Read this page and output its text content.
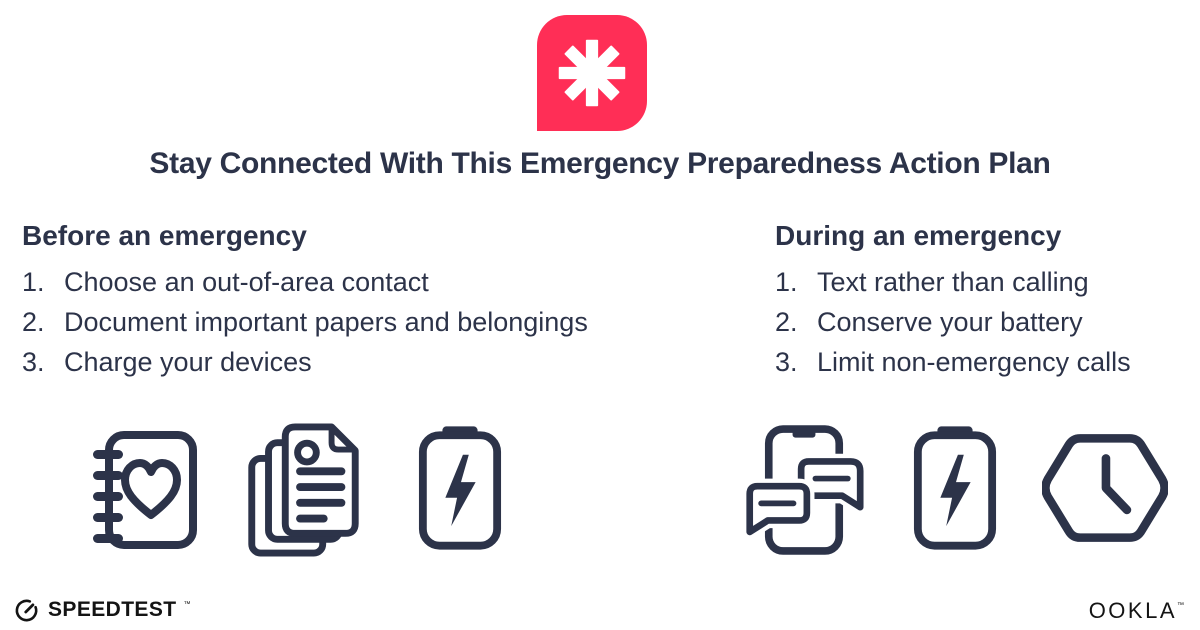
Stay Connected With This Emergency Preparedness Action Plan
Before an emergency
1. Choose an out-of-area contact
2. Document important papers and belongings
3. Charge your devices
During an emergency
1. Text rather than calling
2. Conserve your battery
3. Limit non-emergency calls
SPEEDTEST ™	OOKLA ™
